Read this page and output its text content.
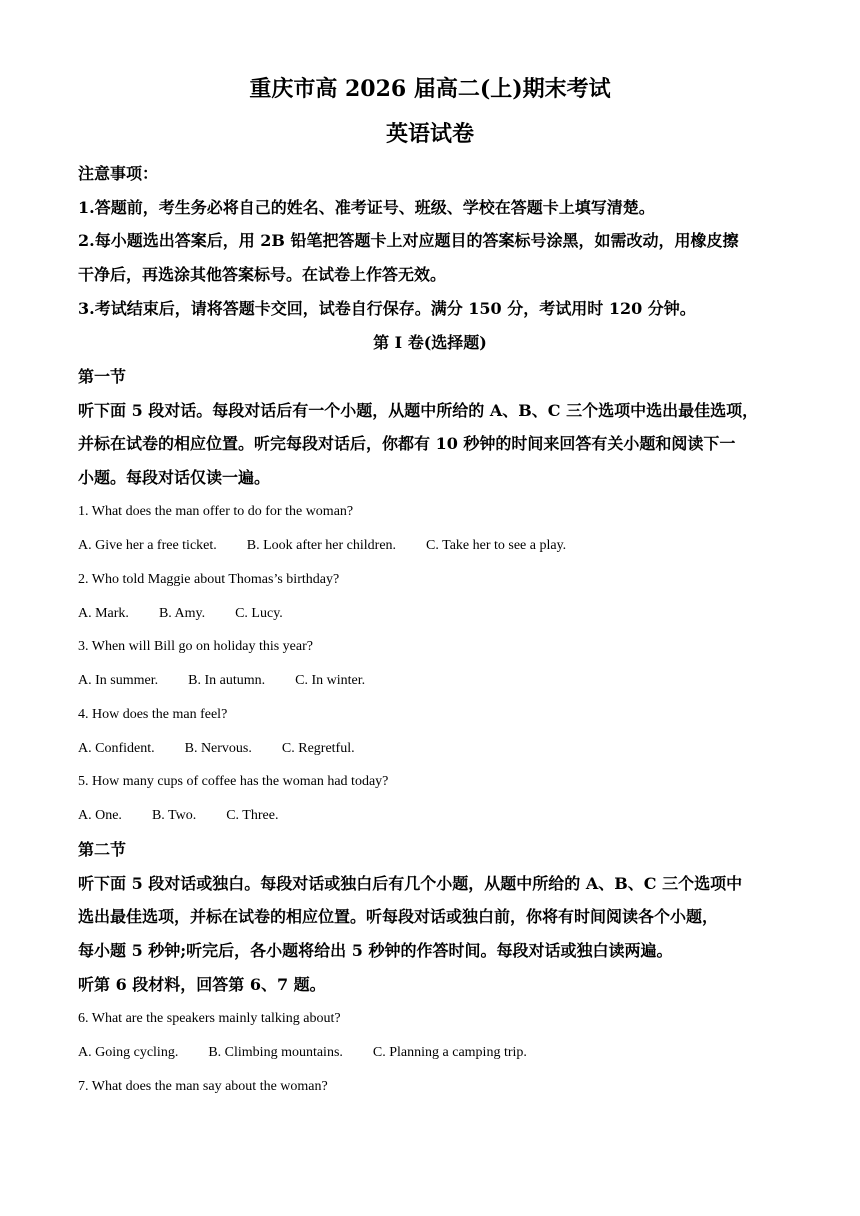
重庆市高 2026 届高二(上)期末考试
英语试卷
注意事项：
1.答题前，考生务必将自己的姓名、准考证号、班级、学校在答题卡上填写清楚。
2.每小题选出答案后，用 2B 铅笔把答题卡上对应题目的答案标号涂黑，如需改动，用橡皮擦
干净后，再选涂其他答案标号。在试卷上作答无效。
3.考试结束后，请将答题卡交回，试卷自行保存。满分 150 分，考试用时 120 分钟。
第 I 卷(选择题)
第一节
听下面 5 段对话。每段对话后有一个小题，从题中所给的 A、B、C 三个选项中选出最佳选项，
并标在试卷的相应位置。听完每段对话后，你都有 10 秒钟的时间来回答有关小题和阅读下一
小题。每段对话仅读一遍。
1. What does the man offer to do for the woman?
A. Give her a free ticket. B. Look after her children. C. Take her to see a play.
2. Who told Maggie about Thomas’s birthday?
A. Mark. B. Amy. C. Lucy.
3. When will Bill go on holiday this year?
A. In summer. B. In autumn. C. In winter.
4. How does the man feel?
A. Confident. B. Nervous. C. Regretful.
5. How many cups of coffee has the woman had today?
A. One. B. Two. C. Three.
第二节
听下面 5 段对话或独白。每段对话或独白后有几个小题，从题中所给的 A、B、C 三个选项中
选出最佳选项，并标在试卷的相应位置。听每段对话或独白前，你将有时间阅读各个小题，
每小题 5 秒钟;听完后，各小题将给出 5 秒钟的作答时间。每段对话或独白读两遍。
听第 6 段材料，回答第 6、7 题。
6. What are the speakers mainly talking about?
A. Going cycling. B. Climbing mountains. C. Planning a camping trip.
7. What does the man say about the woman?
